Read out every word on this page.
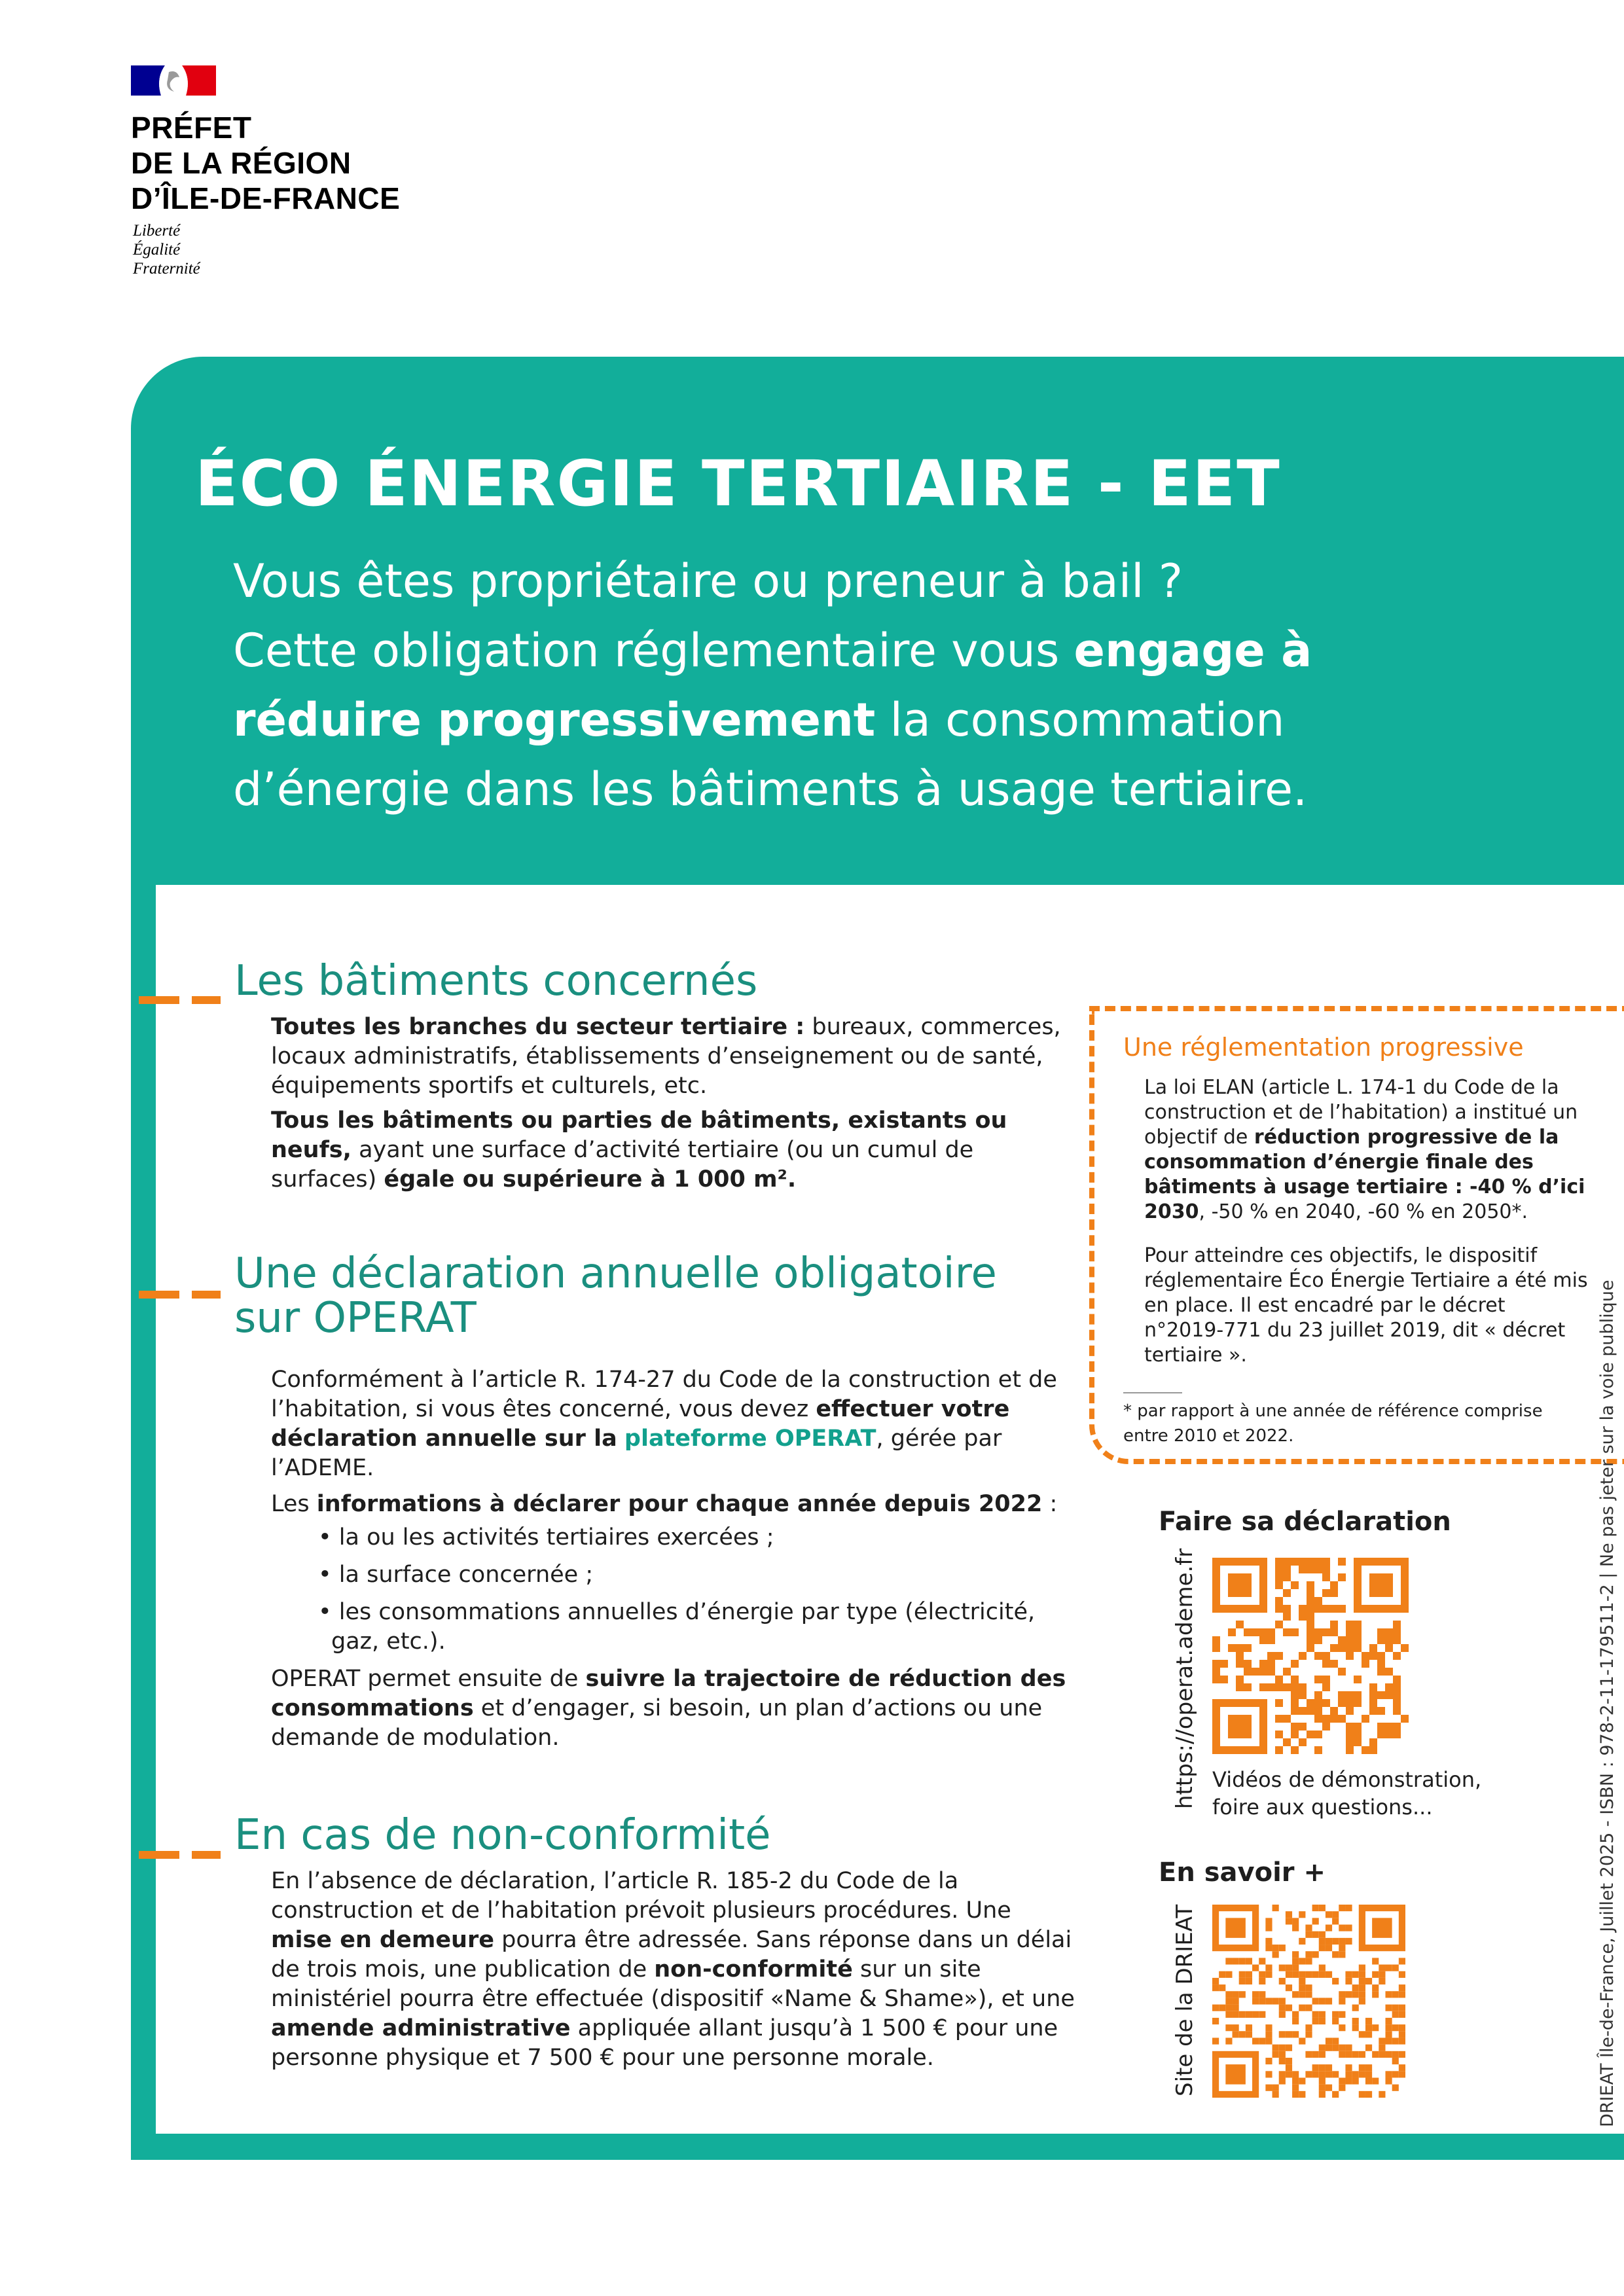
PRÉFET
DE LA RÉGION
D’ÎLE-DE-FRANCE
Liberté
Égalité
Fraternité
ÉCO ÉNERGIE TERTIAIRE - EET
Vous êtes propriétaire ou preneur à bail ?
Cette obligation réglementaire vous engage à réduire progressivement la consommation d’énergie dans les bâtiments à usage tertiaire.
Les bâtiments concernés
Toutes les branches du secteur tertiaire : bureaux, commerces, locaux administratifs, établissements d’enseignement ou de santé, équipements sportifs et culturels, etc.
Tous les bâtiments ou parties de bâtiments, existants ou neufs, ayant une surface d’activité tertiaire (ou un cumul de surfaces) égale ou supérieure à 1 000 m².
Une déclaration annuelle obligatoire
sur OPERAT
Conformément à l’article R. 174-27 du Code de la construction et de l’habitation, si vous êtes concerné, vous devez effectuer votre déclaration annuelle sur la plateforme OPERAT, gérée par l’ADEME.
Les informations à déclarer pour chaque année depuis 2022 :
• la ou les activités tertiaires exercées ;
• la surface concernée ;
• les consommations annuelles d’énergie par type (électricité, gaz, etc.).
OPERAT permet ensuite de suivre la trajectoire de réduction des consommations et d’engager, si besoin, un plan d’actions ou une demande de modulation.
En cas de non-conformité
En l’absence de déclaration, l’article R. 185-2 du Code de la construction et de l’habitation prévoit plusieurs procédures. Une mise en demeure pourra être adressée. Sans réponse dans un délai de trois mois, une publication de non-conformité sur un site ministériel pourra être effectuée (dispositif «Name & Shame»), et une amende administrative appliquée allant jusqu’à 1 500 € pour une personne physique et 7 500 € pour une personne morale.
Une réglementation progressive
La loi ELAN (article L. 174-1 du Code de la construction et de l’habitation) a institué un objectif de réduction progressive de la consommation d’énergie finale des bâtiments à usage tertiaire : -40 % d’ici 2030, -50 % en 2040, -60 % en 2050*.
Pour atteindre ces objectifs, le dispositif réglementaire Éco Énergie Tertiaire a été mis en place. Il est encadré par le décret n°2019-771 du 23 juillet 2019, dit « décret tertiaire ».
* par rapport à une année de référence comprise entre 2010 et 2022.
Faire sa déclaration
https://operat.ademe.fr Vidéos de démonstration,
foire aux questions...
En savoir +
Site de la DRIEAT	DRIEAT Île-de-France, Juillet 2025 - ISBN : 978-2-11-179511-2 | Ne pas jeter sur la voie publique
